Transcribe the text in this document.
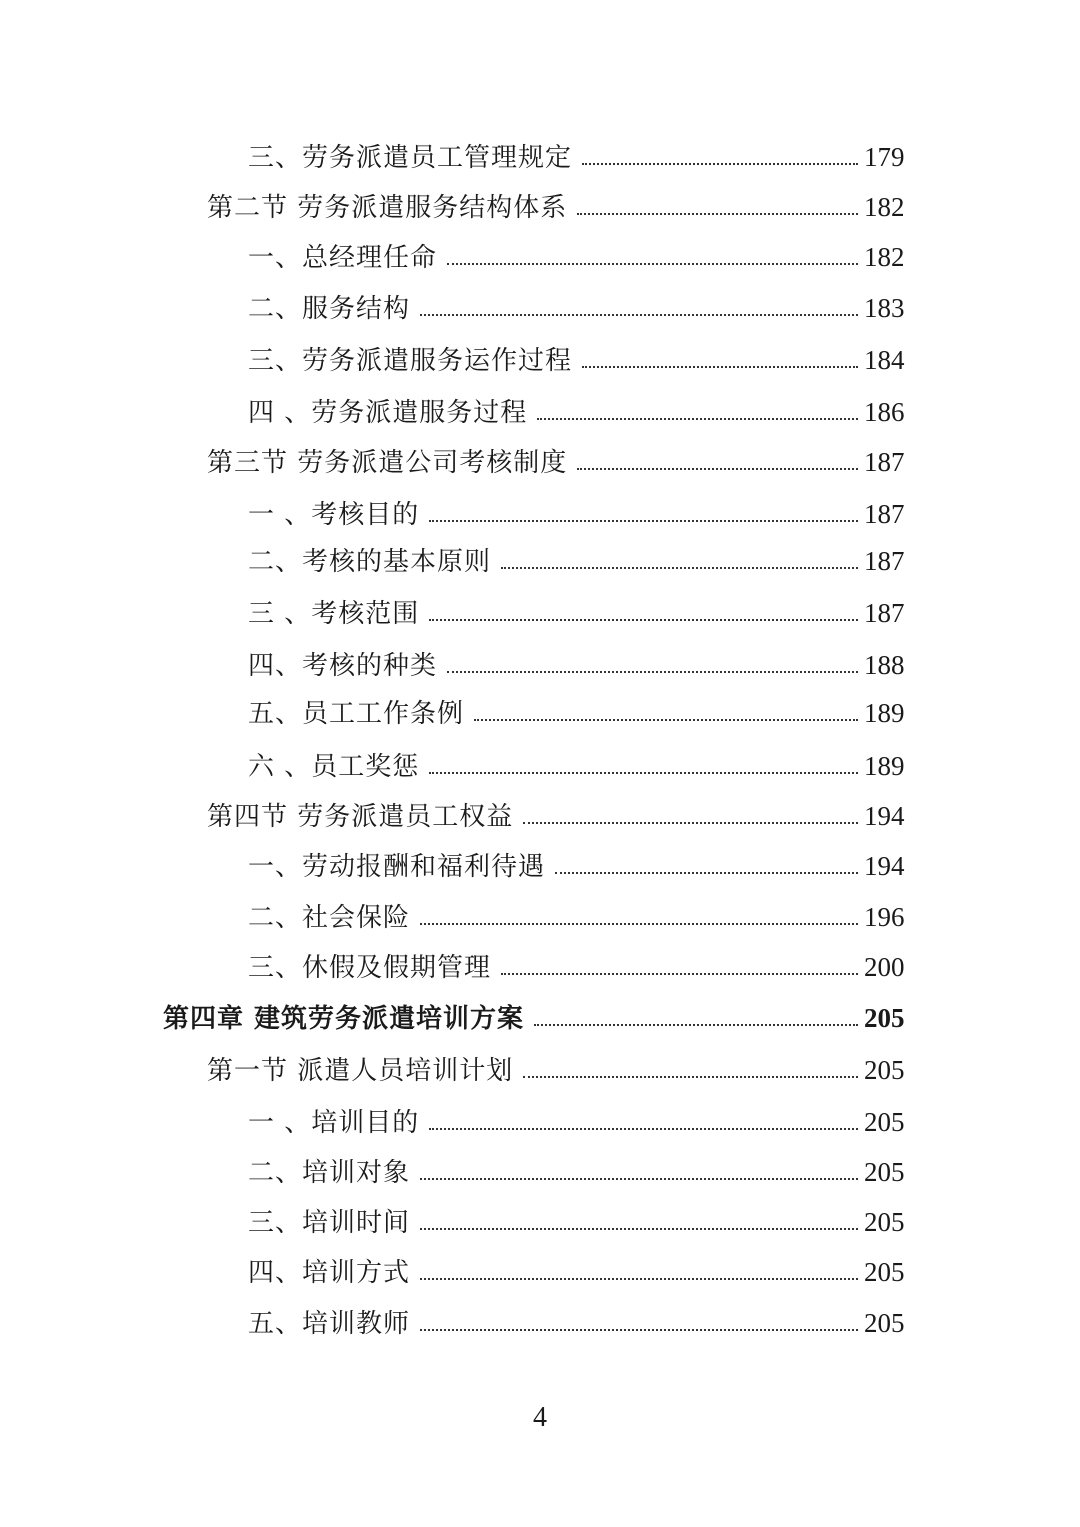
三、劳务派遣员工管理规定	179
第二节 劳务派遣服务结构体系	182
一、总经理任命	182
二、服务结构	183
三、劳务派遣服务运作过程	184
四 、劳务派遣服务过程	186
第三节 劳务派遣公司考核制度	187
一 、考核目的	187
二、考核的基本原则	187
三 、考核范围	187
四、考核的种类	188
五、员工工作条例	189
六 、员工奖惩	189
第四节 劳务派遣员工权益	194
一、劳动报酬和福利待遇	194
二、社会保险	196
三、休假及假期管理	200
第四章 建筑劳务派遣培训方案	205
第一节 派遣人员培训计划	205
一 、培训目的	205
二、培训对象	205
三、培训时间	205
四、培训方式	205
五、培训教师	205
4
